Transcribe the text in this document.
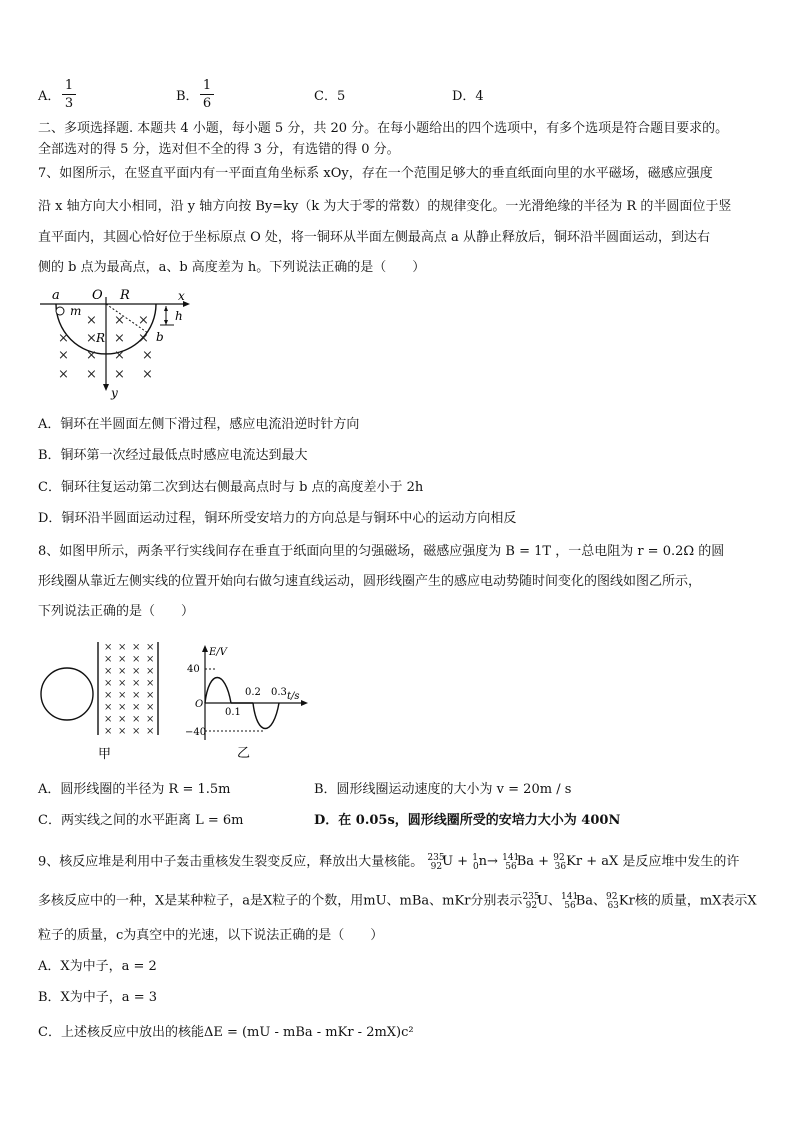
A．
1
3	B．
1
6	C．5	D．4
二、多项选择题. 本题共 4 小题，每小题 5 分，共 20 分。在每小题给出的四个选项中，有多个选项是符合题目要求的。
全部选对的得 5 分，选对但不全的得 3 分，有选错的得 0 分。
7、如图所示，在竖直平面内有一平面直角坐标系 xOy，存在一个范围足够大的垂直纸面向里的水平磁场，磁感应强度
沿 x 轴方向大小相同，沿 y 轴方向按 By=ky（k 为大于零的常数）的规律变化。一光滑绝缘的半径为 R 的半圆面位于竖
直平面内，其圆心恰好位于坐标原点 O 处，将一铜环从半面左侧最高点 a 从静止释放后，铜环沿半圆面运动，到达右
侧的 b 点为最高点，a、b 高度差为 h。下列说法正确的是（　　）
a O R	x
m	h
b
R
y
× × ×
× × × ×
× × × ×
× × × ×
A．铜环在半圆面左侧下滑过程，感应电流沿逆时针方向
B．铜环第一次经过最低点时感应电流达到最大
C．铜环往复运动第二次到达右侧最高点时与 b 点的高度差小于 2h
D．铜环沿半圆面运动过程，铜环所受安培力的方向总是与铜环中心的运动方向相反
8、如图甲所示，两条平行实线间存在垂直于纸面向里的匀强磁场，磁感应强度为 B = 1T ，一总电阻为 r = 0.2Ω 的圆
形线圈从靠近左侧实线的位置开始向右做匀速直线运动，圆形线圈产生的感应电动势随时间变化的图线如图乙所示，
下列说法正确的是（　　）
× × × ×
× × × ×
× × × ×
× × × ×
× × × ×
× × × ×
× × × ×
× × × ×
甲
E/V
t/s
40
−40
O
0.1
0.2 0.3
乙
A．圆形线圈的半径为 R = 1.5m	B．圆形线圈运动速度的大小为 v = 20m / s
C．两实线之间的水平距离 L = 6m	D．在 0.05s，圆形线圈所受的安培力大小为 400N
9、核反应堆是利用中子轰击重核发生裂变反应，释放出大量核能。 $^{235}_{92}$U + $^1_0$n→ $^{141}_{56}$Ba + $^{92}_{36}$Kr + aX 是反应堆中发生的许
多核反应中的一种，X是某种粒子，a是X粒子的个数，用mU、mBa、mKr分别表示$^{235}_{92}$U、$^{141}_{56}$Ba、$^{92}_{63}$Kr核的质量，mX表示X
粒子的质量，c为真空中的光速，以下说法正确的是（　　）
A．X为中子，a = 2
B．X为中子，a = 3
C．上述核反应中放出的核能ΔE = (mU - mBa - mKr - 2mX)c²
